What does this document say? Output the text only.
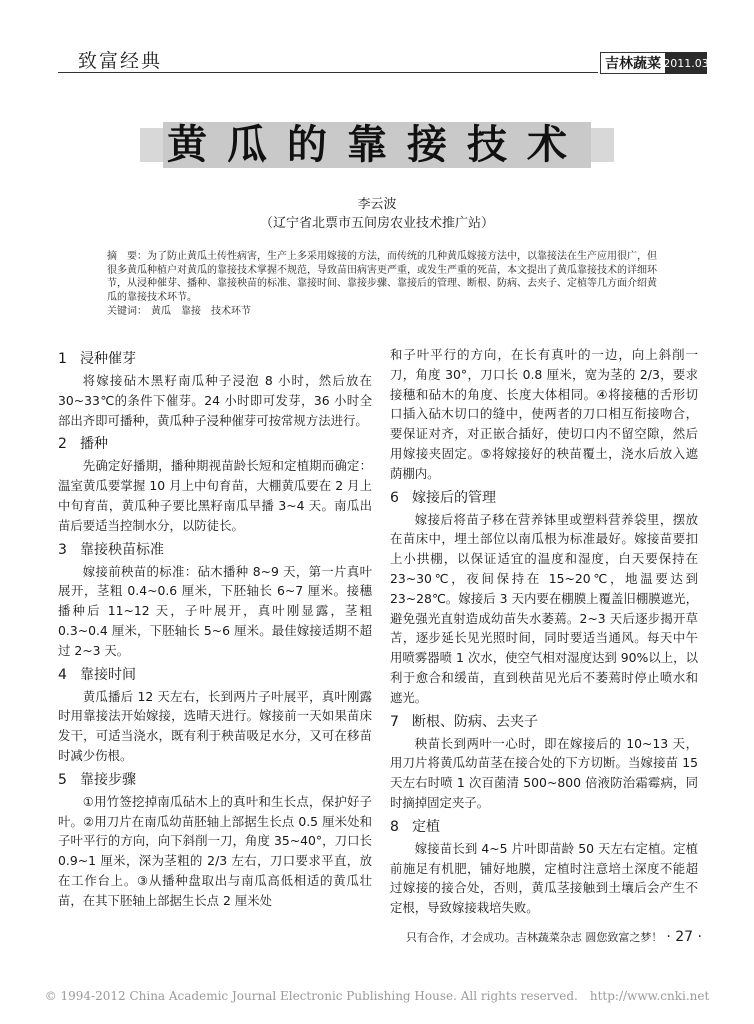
致富经典	吉林蔬菜 2011.03
黄瓜的靠接技术
李云波
（辽宁省北票市五间房农业技术推广站）
摘　要：为了防止黄瓜土传性病害，生产上多采用嫁接的方法，而传统的几种黄瓜嫁接方法中，以靠接法在生产应用很广，但很多黄瓜种植户对黄瓜的靠接技术掌握不规范，导致苗田病害更严重，或发生严重的死苗，本文提出了黄瓜靠接技术的详细环节，从浸种催芽、播种、靠接秧苗的标准、靠接时间、靠接步骤、靠接后的管理、断根、防病、去夹子、定植等几方面介绍黄瓜的靠接技术环节。
关键词： 黄瓜　靠接　技术环节
1 浸种催芽

将嫁接砧木黑籽南瓜种子浸泡 8 小时，然后放在 30~33℃的条件下催芽。24 小时即可发芽，36 小时全部出齐即可播种，黄瓜种子浸种催芽可按常规方法进行。

2 播种

先确定好播期，播种期视苗龄长短和定植期而确定：温室黄瓜要掌握 10 月上中旬育苗，大棚黄瓜要在 2 月上中旬育苗，黄瓜种子要比黑籽南瓜早播 3~4 天。南瓜出苗后要适当控制水分，以防徒长。

3 靠接秧苗标准

嫁接前秧苗的标准：砧木播种 8~9 天，第一片真叶展开，茎粗 0.4~0.6 厘米，下胚轴长 6~7 厘米。接穗播种后 11~12 天，子叶展开，真叶刚显露，茎粗 0.3~0.4 厘米，下胚轴长 5~6 厘米。最佳嫁接适期不超过 2~3 天。

4 靠接时间

黄瓜播后 12 天左右，长到两片子叶展平，真叶刚露时用靠接法开始嫁接，选晴天进行。嫁接前一天如果苗床发干，可适当浇水，既有利于秧苗吸足水分，又可在移苗时减少伤根。

5 靠接步骤

①用竹签挖掉南瓜砧木上的真叶和生长点，保护好子叶。②用刀片在南瓜幼苗胚轴上部据生长点 0.5 厘米处和子叶平行的方向，向下斜削一刀，角度 35~40°，刀口长 0.9~1 厘米，深为茎粗的 2/3 左右，刀口要求平直，放在工作台上。③从播种盘取出与南瓜高低相适的黄瓜壮苗，在其下胚轴上部据生长点 2 厘米处

和子叶平行的方向，在长有真叶的一边，向上斜削一刀，角度 30°，刀口长 0.8 厘米，宽为茎的 2/3，要求接穗和砧木的角度、长度大体相同。④将接穗的舌形切口插入砧木切口的缝中，使两者的刀口相互衔接吻合，要保证对齐，对正嵌合插好，使切口内不留空隙，然后用嫁接夹固定。⑤将嫁接好的秧苗覆土，浇水后放入遮荫棚内。

6 嫁接后的管理

嫁接后将苗子移在营养钵里或塑料营养袋里，摆放在苗床中，埋土部位以南瓜根为标准最好。嫁接苗要扣上小拱棚，以保证适宜的温度和湿度，白天要保持在 23~30℃，夜间保持在 15~20℃，地温要达到 23~28℃。嫁接后 3 天内要在棚膜上覆盖旧棚膜遮光，避免强光直射造成幼苗失水萎蔫。2~3 天后逐步揭开草苫，逐步延长见光照时间，同时要适当通风。每天中午用喷雾器喷 1 次水，使空气相对湿度达到 90%以上，以利于愈合和缓苗，直到秧苗见光后不萎蔫时停止喷水和遮光。

7 断根、防病、去夹子

秧苗长到两叶一心时，即在嫁接后的 10~13 天，用刀片将黄瓜幼苗茎在接合处的下方切断。当嫁接苗 15 天左右时喷 1 次百菌清 500~800 倍液防治霜霉病，同时摘掉固定夹子。

8 定植

嫁接苗长到 4~5 片叶即苗龄 50 天左右定植。定植前施足有机肥，铺好地膜，定植时注意培土深度不能超过嫁接的接合处，否则，黄瓜茎接触到土壤后会产生不定根，导致嫁接栽培失败。

只有合作，才会成功。吉林蔬菜杂志 圆您致富之梦！ · 27 ·
© 1994-2012 China Academic Journal Electronic Publishing House. All rights reserved.　http://www.cnki.net
